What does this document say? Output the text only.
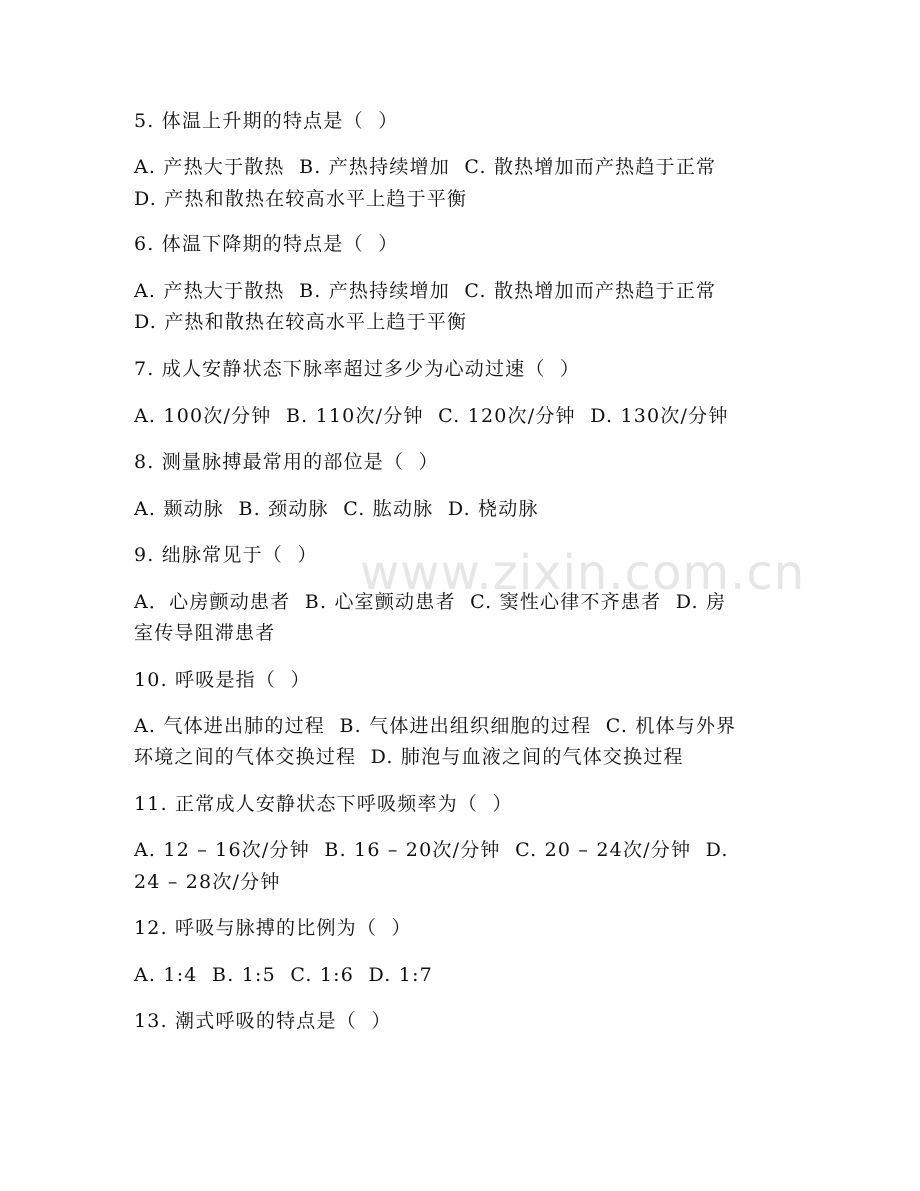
www.zixin.com.cn
5. 体温上升期的特点是（  ）
A. 产热大于散热  B. 产热持续增加  C. 散热增加而产热趋于正常
D. 产热和散热在较高水平上趋于平衡
6. 体温下降期的特点是（  ）
A. 产热大于散热  B. 产热持续增加  C. 散热增加而产热趋于正常
D. 产热和散热在较高水平上趋于平衡
7. 成人安静状态下脉率超过多少为心动过速（  ）
A. 100次/分钟  B. 110次/分钟  C. 120次/分钟  D. 130次/分钟
8. 测量脉搏最常用的部位是（  ）
A. 颞动脉  B. 颈动脉  C. 肱动脉  D. 桡动脉
9. 绌脉常见于（  ）
A．心房颤动患者  B. 心室颤动患者  C. 窦性心律不齐患者  D. 房
室传导阻滞患者
10. 呼吸是指（  ）
A. 气体进出肺的过程  B. 气体进出组织细胞的过程  C. 机体与外界
环境之间的气体交换过程  D. 肺泡与血液之间的气体交换过程
11. 正常成人安静状态下呼吸频率为（  ）
A. 12 – 16次/分钟  B. 16 – 20次/分钟  C. 20 – 24次/分钟  D.
24 – 28次/分钟
12. 呼吸与脉搏的比例为（  ）
A. 1:4  B. 1:5  C. 1:6  D. 1:7
13. 潮式呼吸的特点是（  ）
